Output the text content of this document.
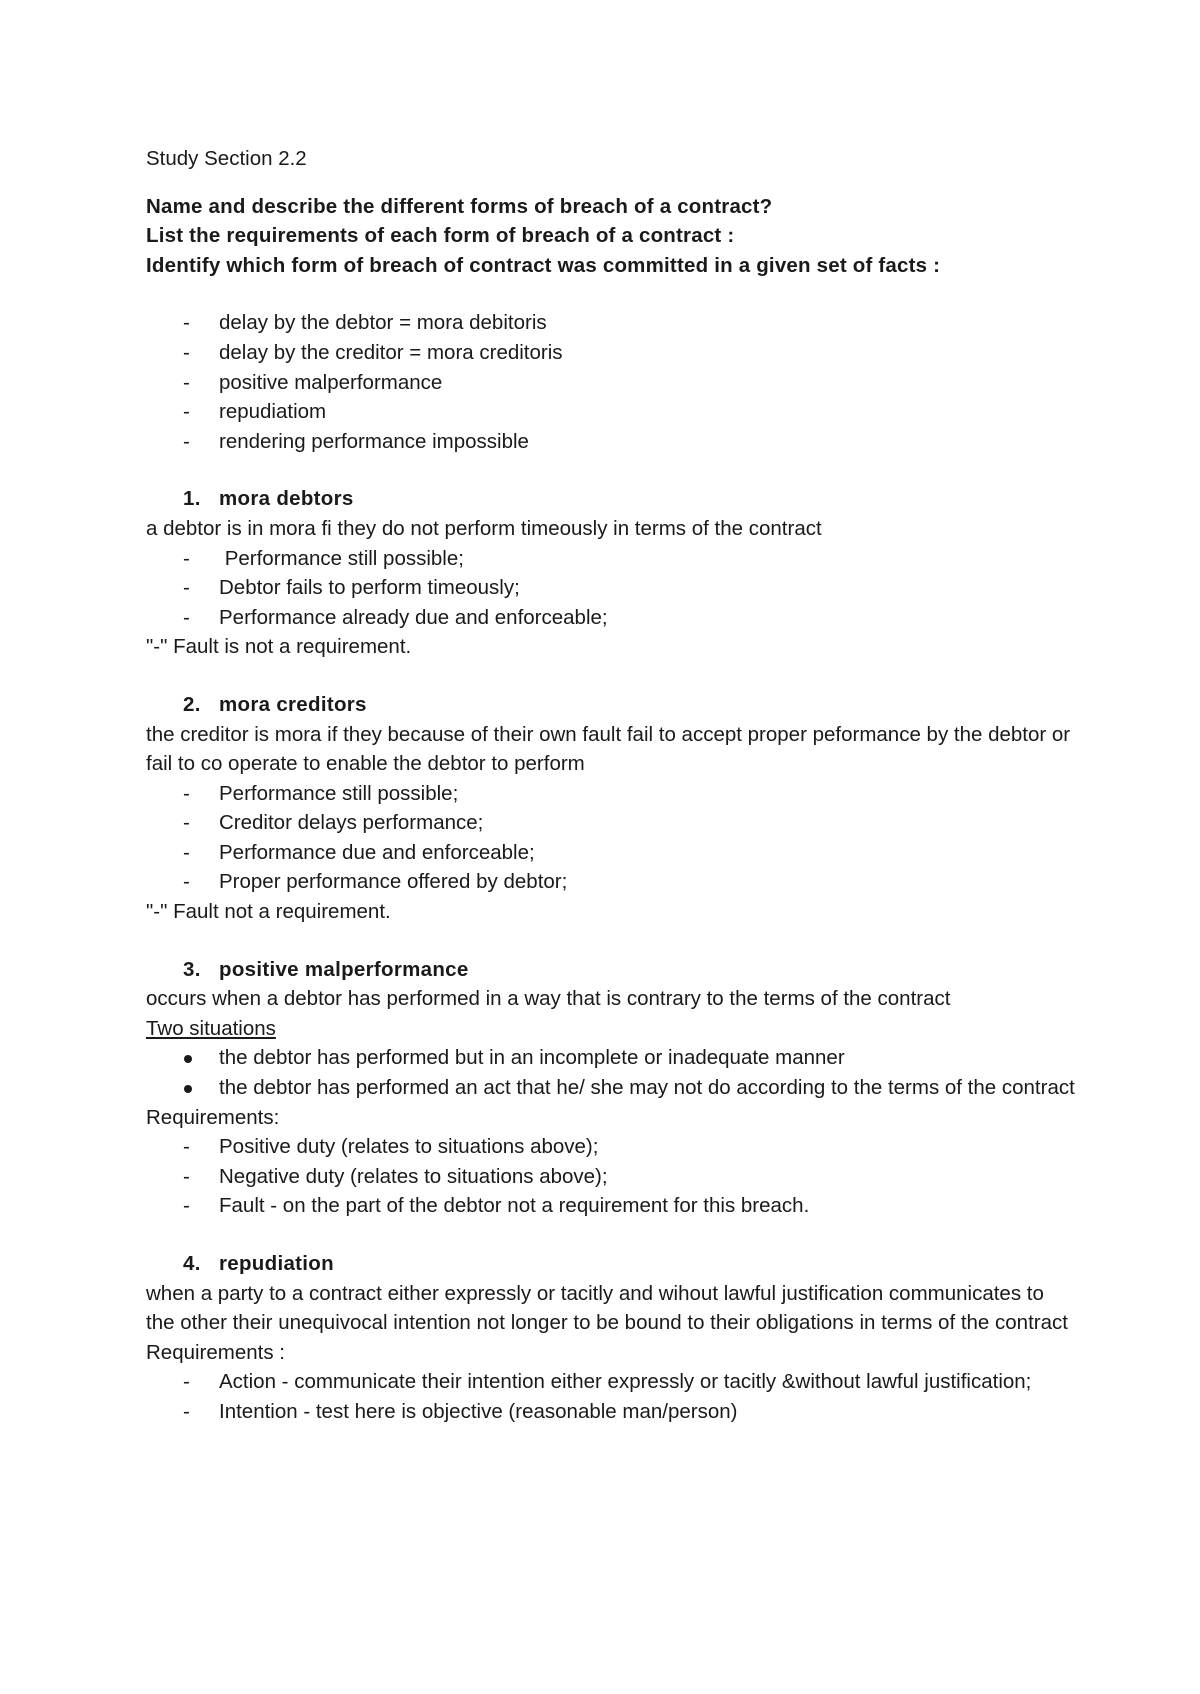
Study Section 2.2
Name and describe the different forms of breach of a contract?
List the requirements of each form of breach of a contract :
Identify which form of breach of contract was committed in a given set of facts :
- delay by the debtor = mora debitoris
- delay by the creditor = mora creditoris
- positive malperformance
- repudiatiom
- rendering performance impossible
1. mora debtors
a debtor is in mora fi they do not perform timeously in terms of the contract
-  Performance still possible;
- Debtor fails to perform timeously;
- Performance already due and enforceable;
"-" Fault is not a requirement.
2. mora creditors
the creditor is mora if they because of their own fault fail to accept proper peformance by the debtor or fail to co operate to enable the debtor to perform
- Performance still possible;
- Creditor delays performance;
- Performance due and enforceable;
- Proper performance offered by debtor;
"-" Fault not a requirement.
3. positive malperformance
occurs when a debtor has performed in a way that is contrary to the terms of the contract
Two situations
the debtor has performed but in an incomplete or inadequate manner
the debtor has performed an act that he/ she may not do according to the terms of the contract
Requirements:
- Positive duty (relates to situations above);
- Negative duty (relates to situations above);
- Fault - on the part of the debtor not a requirement for this breach.
4. repudiation
when a party to a contract either expressly or tacitly and wihout lawful justification communicates to the other their unequivocal intention not longer to be bound to their obligations in terms of the contract
Requirements :
- Action - communicate their intention either expressly or tacitly &without lawful justification;
- Intention - test here is objective (reasonable man/person)
